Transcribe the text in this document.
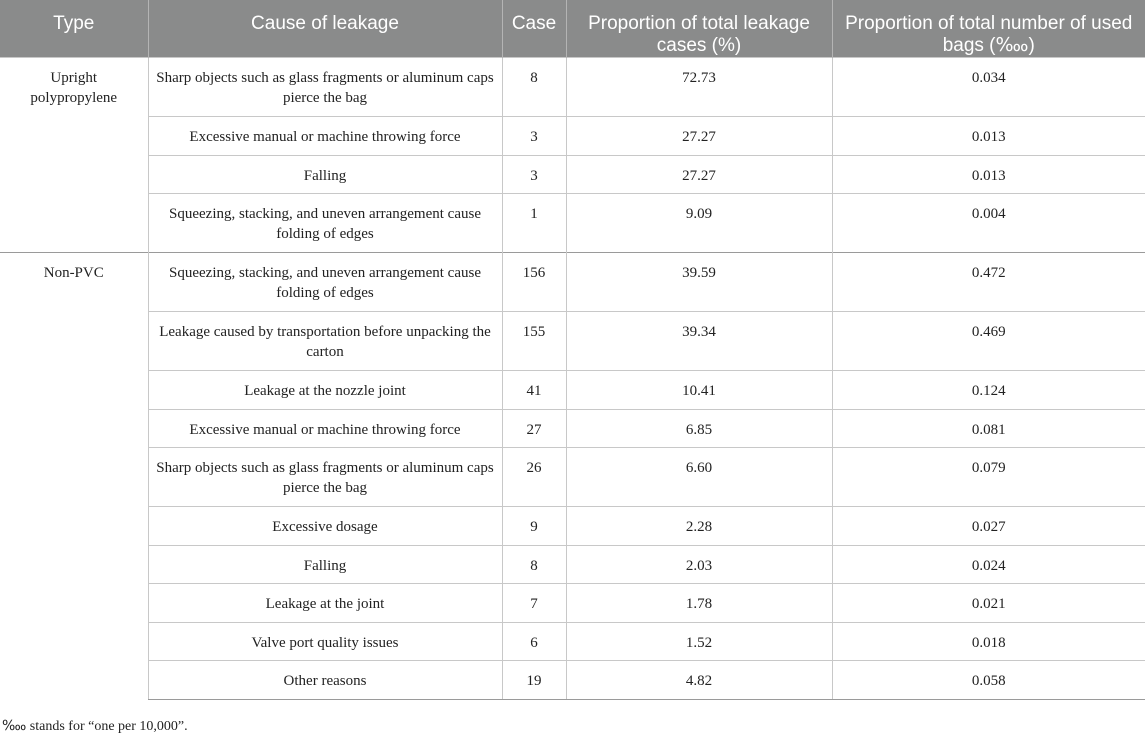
Type	Cause of leakage	Case	Proportion of total leakage cases (%)	Proportion of total number of used bags (‱)
Upright polypropylene	Sharp objects such as glass fragments or aluminum caps pierce the bag	8	72.73	0.034
	Excessive manual or machine throwing force	3	27.27	0.013
	Falling	3	27.27	0.013
	Squeezing, stacking, and uneven arrangement cause folding of edges	1	9.09	0.004
Non-PVC	Squeezing, stacking, and uneven arrangement cause folding of edges	156	39.59	0.472
	Leakage caused by transportation before unpacking the carton	155	39.34	0.469
	Leakage at the nozzle joint	41	10.41	0.124
	Excessive manual or machine throwing force	27	6.85	0.081
	Sharp objects such as glass fragments or aluminum caps pierce the bag	26	6.60	0.079
	Excessive dosage	9	2.28	0.027
	Falling	8	2.03	0.024
	Leakage at the joint	7	1.78	0.021
	Valve port quality issues	6	1.52	0.018
	Other reasons	19	4.82	0.058
‱ stands for “one per 10,000”.
